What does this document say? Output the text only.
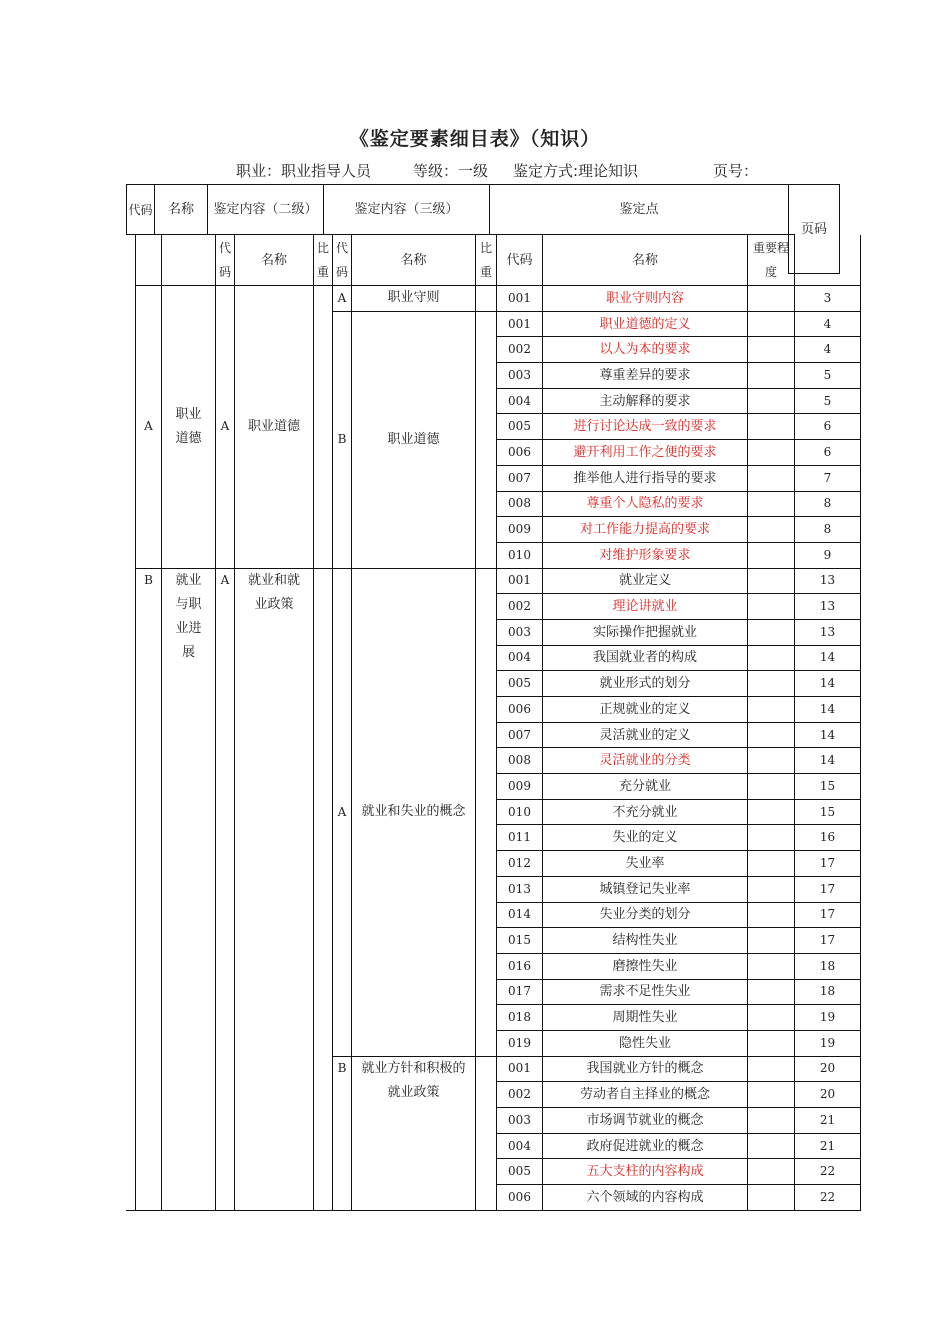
《鉴定要素细目表》（知识）
职业：职业指导人员	等级：一级 鉴定方式:理论知识	页号：
代码	名称	鉴定内容（二级）	鉴定内容（三级）	鉴定点	页码

		代码	名称	比重	代码	名称	比重	代码	名称	重要程度	
A	职业道德	A	职业道德		A	职业守则		001	职业守则内容		3
					B	职业道德		001	职业道德的定义		4
								002	以人为本的要求		4
								003	尊重差异的要求		5
								004	主动解释的要求		5
								005	进行讨论达成一致的要求		6
								006	避开利用工作之便的要求		6
								007	推举他人进行指导的要求		7
								008	尊重个人隐私的要求		8
								009	对工作能力提高的要求		8
								010	对维护形象要求		9
B	就业与职业进展	A	就业和就业政策		A	就业和失业的概念		001	就业定义		13
								002	理论讲就业		13
								003	实际操作把握就业		13
								004	我国就业者的构成		14
								005	就业形式的划分		14
								006	正规就业的定义		14
								007	灵活就业的定义		14
								008	灵活就业的分类		14
								009	充分就业		15
								010	不充分就业		15
								011	失业的定义		16
								012	失业率		17
								013	城镇登记失业率		17
								014	失业分类的划分		17
								015	结构性失业		17
								016	磨擦性失业		18
								017	需求不足性失业		18
								018	周期性失业		19
								019	隐性失业		19
					B	就业方针和积极的就业政策		001	我国就业方针的概念		20
								002	劳动者自主择业的概念		20
								003	市场调节就业的概念		21
								004	政府促进就业的概念		21
								005	五大支柱的内容构成		22
								006	六个领域的内容构成		22
